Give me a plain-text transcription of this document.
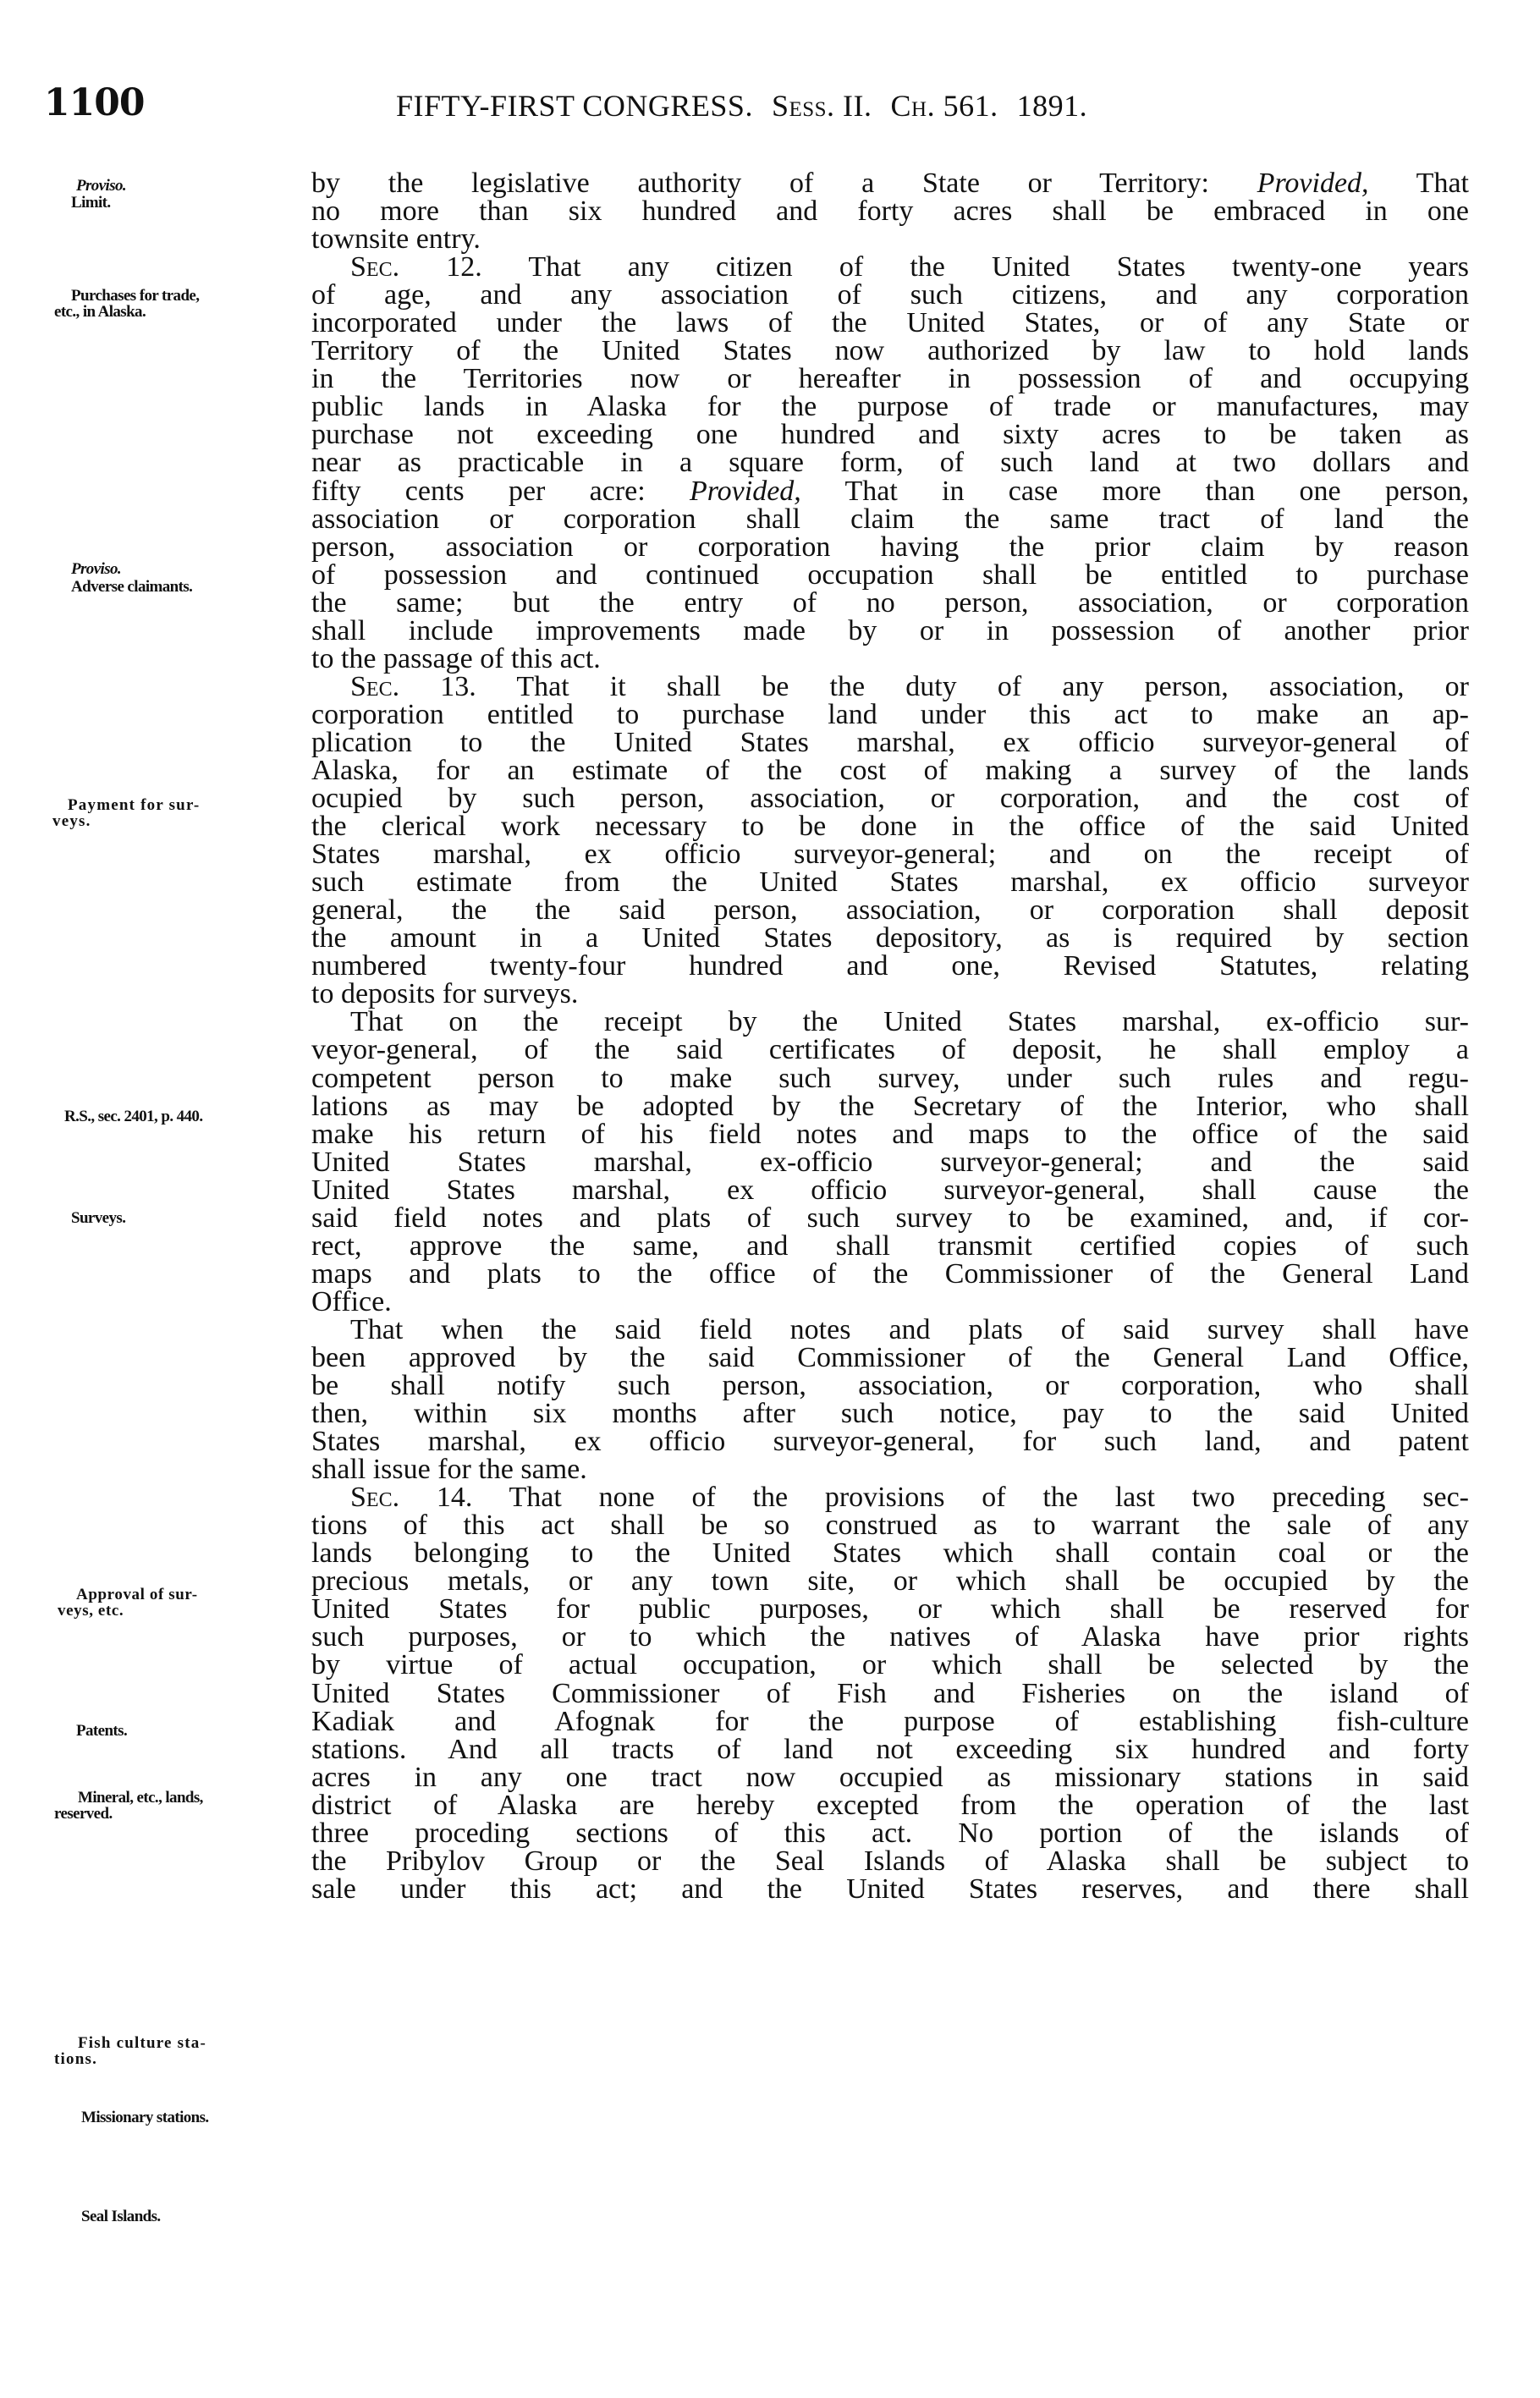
1100	FIFTY-FIRST CONGRESS. Sess. II. Ch. 561. 1891.
Proviso.
Limit.
Purchases for trade,
etc., in Alaska.
Proviso.
Adverse claimants.
Payment for sur-
veys.
R.S., sec. 2401, p. 440.
Surveys.
Approval of sur-
veys, etc.
Patents.
Mineral, etc., lands,
reserved.
Fish culture sta-
tions.
Missionary stations.
Seal Islands.
by the legislative authority of a State or Territory: Provided, That
no more than six hundred and forty acres shall be embraced in one
townsite entry.
Sec. 12. That any citizen of the United States twenty-one years
of age, and any association of such citizens, and any corporation
incorporated under the laws of the United States, or of any State or
Territory of the United States now authorized by law to hold lands
in the Territories now or hereafter in possession of and occupying
public lands in Alaska for the purpose of trade or manufactures, may
purchase not exceeding one hundred and sixty acres to be taken as
near as practicable in a square form, of such land at two dollars and
fifty cents per acre: Provided, That in case more than one person,
association or corporation shall claim the same tract of land the
person, association or corporation having the prior claim by reason
of possession and continued occupation shall be entitled to purchase
the same; but the entry of no person, association, or corporation
shall include improvements made by or in possession of another prior
to the passage of this act.
Sec. 13. That it shall be the duty of any person, association, or
corporation entitled to purchase land under this act to make an ap-
plication to the United States marshal, ex officio surveyor-general of
Alaska, for an estimate of the cost of making a survey of the lands
ocupied by such person, association, or corporation, and the cost of
the clerical work necessary to be done in the office of the said United
States marshal, ex officio surveyor-general; and on the receipt of
such estimate from the United States marshal, ex officio surveyor
general, the the said person, association, or corporation shall deposit
the amount in a United States depository, as is required by section
numbered twenty-four hundred and one, Revised Statutes, relating
to deposits for surveys.
That on the receipt by the United States marshal, ex-officio sur-
veyor-general, of the said certificates of deposit, he shall employ a
competent person to make such survey, under such rules and regu-
lations as may be adopted by the Secretary of the Interior, who shall
make his return of his field notes and maps to the office of the said
United States marshal, ex-officio surveyor-general; and the said
United States marshal, ex officio surveyor-general, shall cause the
said field notes and plats of such survey to be examined, and, if cor-
rect, approve the same, and shall transmit certified copies of such
maps and plats to the office of the Commissioner of the General Land
Office.
That when the said field notes and plats of said survey shall have
been approved by the said Commissioner of the General Land Office,
be shall notify such person, association, or corporation, who shall
then, within six months after such notice, pay to the said United
States marshal, ex officio surveyor-general, for such land, and patent
shall issue for the same.
Sec. 14. That none of the provisions of the last two preceding sec-
tions of this act shall be so construed as to warrant the sale of any
lands belonging to the United States which shall contain coal or the
precious metals, or any town site, or which shall be occupied by the
United States for public purposes, or which shall be reserved for
such purposes, or to which the natives of Alaska have prior rights
by virtue of actual occupation, or which shall be selected by the
United States Commissioner of Fish and Fisheries on the island of
Kadiak and Afognak for the purpose of establishing fish-culture
stations. And all tracts of land not exceeding six hundred and forty
acres in any one tract now occupied as missionary stations in said
district of Alaska are hereby excepted from the operation of the last
three proceding sections of this act. No portion of the islands of
the Pribylov Group or the Seal Islands of Alaska shall be subject to
sale under this act; and the United States reserves, and there shall
